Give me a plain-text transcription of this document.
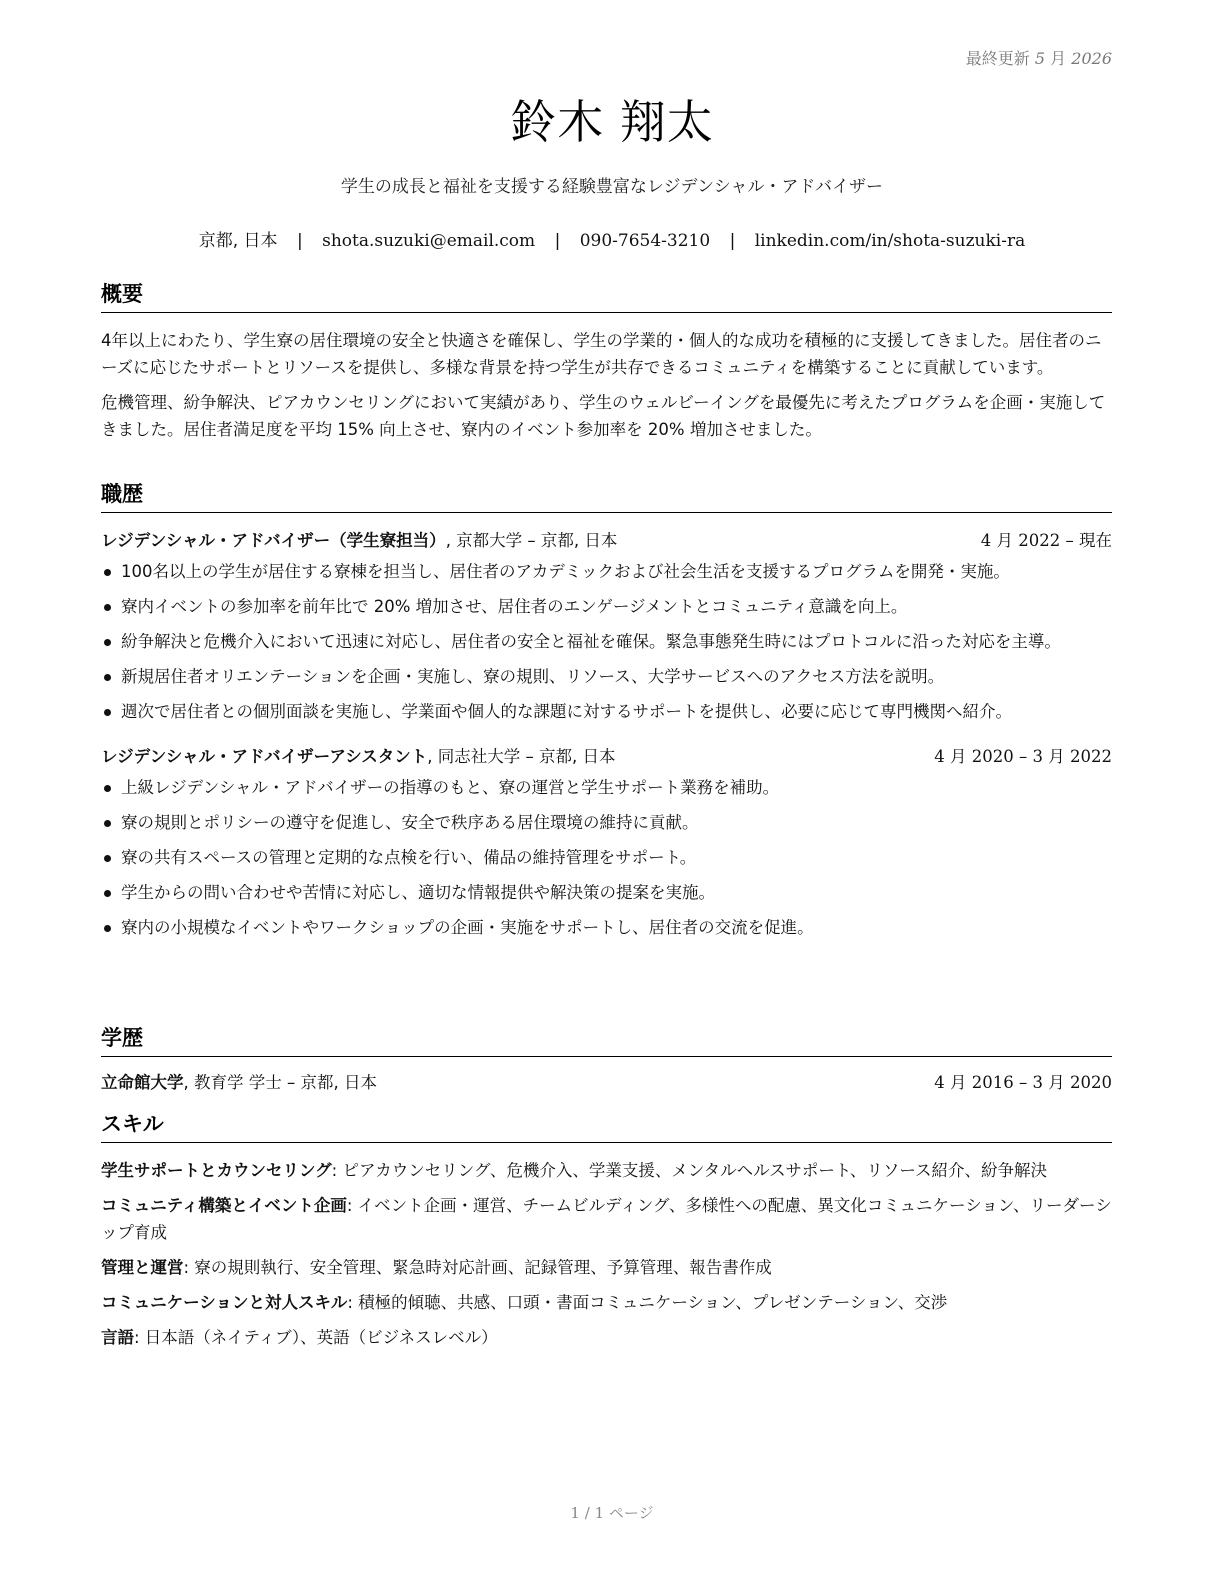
最終更新 5 月 2026
鈴木 翔太
学生の成長と福祉を支援する経験豊富なレジデンシャル・アドバイザー
京都, 日本 | shota.suzuki@email.com | 090-7654-3210 | linkedin.com/in/shota-suzuki-ra
概要

4年以上にわたり、学生寮の居住環境の安全と快適さを確保し、学生の学業的・個人的な成功を積極的に支援してきました。居住者のニーズに応じたサポートとリソースを提供し、多様な背景を持つ学生が共存できるコミュニティを構築することに貢献しています。

危機管理、紛争解決、ピアカウンセリングにおいて実績があり、学生のウェルビーイングを最優先に考えたプログラムを企画・実施してきました。居住者満足度を平均 15% 向上させ、寮内のイベント参加率を 20% 増加させました。

職歴
レジデンシャル・アドバイザー（学生寮担当）, 京都大学 – 京都, 日本	4 月 2022 – 現在
100名以上の学生が居住する寮棟を担当し、居住者のアカデミックおよび社会生活を支援するプログラムを開発・実施。
寮内イベントの参加率を前年比で 20% 増加させ、居住者のエンゲージメントとコミュニティ意識を向上。
紛争解決と危機介入において迅速に対応し、居住者の安全と福祉を確保。緊急事態発生時にはプロトコルに沿った対応を主導。
新規居住者オリエンテーションを企画・実施し、寮の規則、リソース、大学サービスへのアクセス方法を説明。
週次で居住者との個別面談を実施し、学業面や個人的な課題に対するサポートを提供し、必要に応じて専門機関へ紹介。
レジデンシャル・アドバイザーアシスタント, 同志社大学 – 京都, 日本	4 月 2020 – 3 月 2022
上級レジデンシャル・アドバイザーの指導のもと、寮の運営と学生サポート業務を補助。
寮の規則とポリシーの遵守を促進し、安全で秩序ある居住環境の維持に貢献。
寮の共有スペースの管理と定期的な点検を行い、備品の維持管理をサポート。
学生からの問い合わせや苦情に対応し、適切な情報提供や解決策の提案を実施。
寮内の小規模なイベントやワークショップの企画・実施をサポートし、居住者の交流を促進。
学歴
立命館大学, 教育学 学士 – 京都, 日本	4 月 2016 – 3 月 2020
スキル
学生サポートとカウンセリング: ピアカウンセリング、危機介入、学業支援、メンタルヘルスサポート、リソース紹介、紛争解決
コミュニティ構築とイベント企画: イベント企画・運営、チームビルディング、多様性への配慮、異文化コミュニケーション、リーダーシップ育成
管理と運営: 寮の規則執行、安全管理、緊急時対応計画、記録管理、予算管理、報告書作成
コミュニケーションと対人スキル: 積極的傾聴、共感、口頭・書面コミュニケーション、プレゼンテーション、交渉
言語: 日本語（ネイティブ）、英語（ビジネスレベル）
1 / 1 ページ
